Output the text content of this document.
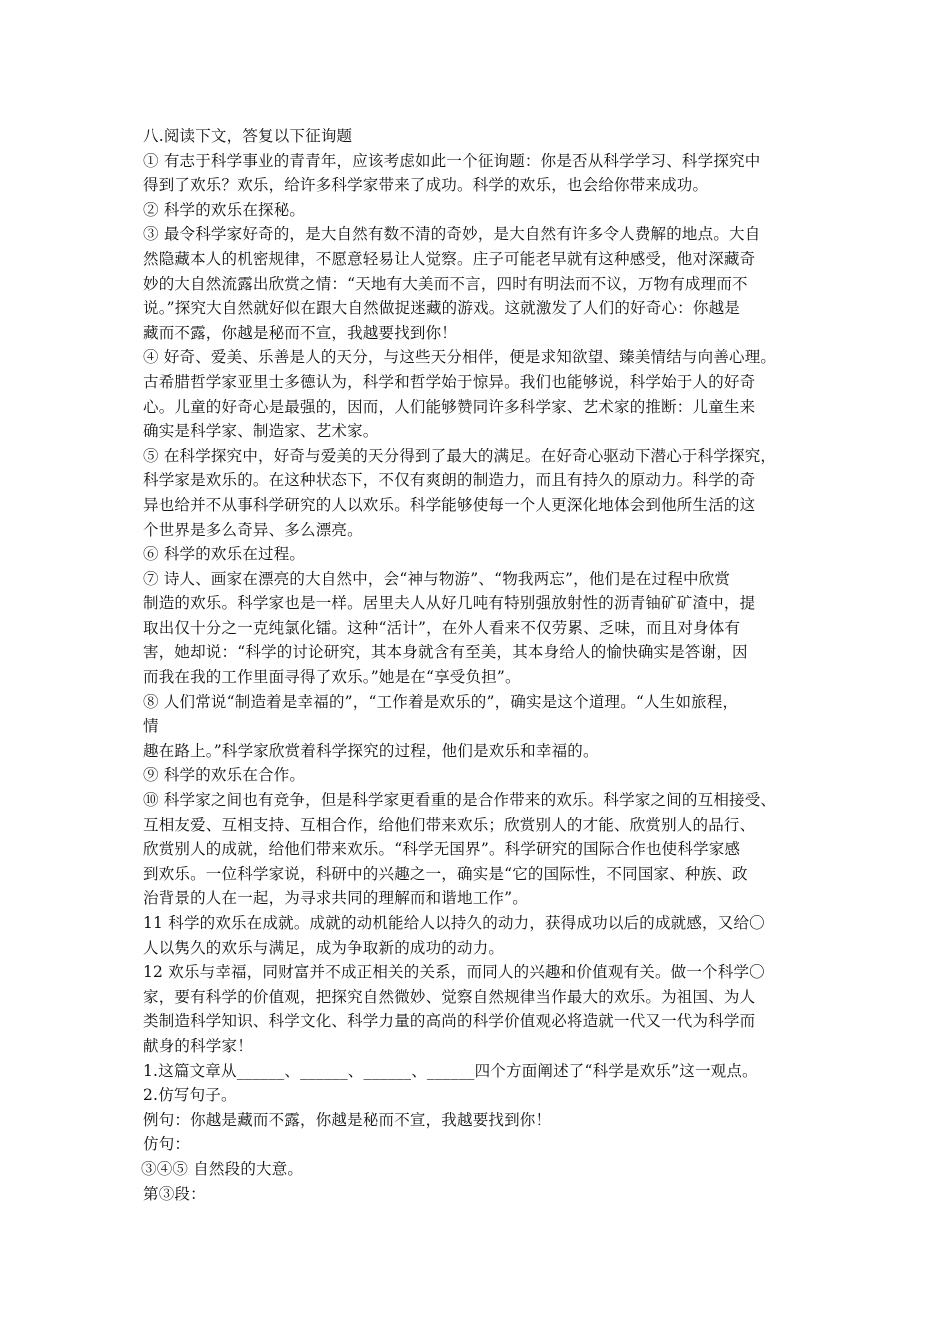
八.阅读下文，答复以下征询题
① 有志于科学事业的青青年，应该考虑如此一个征询题：你是否从科学学习、科学探究中
得到了欢乐？欢乐，给许多科学家带来了成功。科学的欢乐，也会给你带来成功。
② 科学的欢乐在探秘。
③ 最令科学家好奇的，是大自然有数不清的奇妙，是大自然有许多令人费解的地点。大自
然隐藏本人的机密规律，不愿意轻易让人觉察。庄子可能老早就有这种感受，他对深藏奇
妙的大自然流露出欣赏之情：“天地有大美而不言，四时有明法而不议，万物有成理而不
说。”探究大自然就好似在跟大自然做捉迷藏的游戏。这就激发了人们的好奇心：你越是
藏而不露，你越是秘而不宣，我越要找到你！
④ 好奇、爱美、乐善是人的天分，与这些天分相伴，便是求知欲望、臻美情结与向善心理。
古希腊哲学家亚里士多德认为，科学和哲学始于惊异。我们也能够说，科学始于人的好奇
心。儿童的好奇心是最强的，因而，人们能够赞同许多科学家、艺术家的推断：儿童生来
确实是科学家、制造家、艺术家。
⑤ 在科学探究中，好奇与爱美的天分得到了最大的满足。在好奇心驱动下潜心于科学探究，
科学家是欢乐的。在这种状态下，不仅有爽朗的制造力，而且有持久的原动力。科学的奇
异也给并不从事科学研究的人以欢乐。科学能够使每一个人更深化地体会到他所生活的这
个世界是多么奇异、多么漂亮。
⑥ 科学的欢乐在过程。
⑦ 诗人、画家在漂亮的大自然中，会“神与物游”、“物我两忘”，他们是在过程中欣赏
制造的欢乐。科学家也是一样。居里夫人从好几吨有特别强放射性的沥青铀矿矿渣中，提
取出仅十分之一克纯氯化镭。这种“活计”，在外人看来不仅劳累、乏味，而且对身体有
害，她却说：“科学的讨论研究，其本身就含有至美，其本身给人的愉快确实是答谢，因
而我在我的工作里面寻得了欢乐。”她是在“享受负担”。
⑧ 人们常说“制造着是幸福的”，“工作着是欢乐的”，确实是这个道理。“人生如旅程，
情
趣在路上。”科学家欣赏着科学探究的过程，他们是欢乐和幸福的。
⑨ 科学的欢乐在合作。
⑩ 科学家之间也有竞争，但是科学家更看重的是合作带来的欢乐。科学家之间的互相接受、
互相友爱、互相支持、互相合作，给他们带来欢乐；欣赏别人的才能、欣赏别人的品行、
欣赏别人的成就，给他们带来欢乐。“科学无国界”。科学研究的国际合作也使科学家感
到欢乐。一位科学家说，科研中的兴趣之一，确实是“它的国际性，不同国家、种族、政
治背景的人在一起，为寻求共同的理解而和谐地工作”。
11 科学的欢乐在成就。成就的动机能给人以持久的动力，获得成功以后的成就感，又给〇
人以隽久的欢乐与满足，成为争取新的成功的动力。
12 欢乐与幸福，同财富并不成正相关的关系，而同人的兴趣和价值观有关。做一个科学〇
家，要有科学的价值观，把探究自然微妙、觉察自然规律当作最大的欢乐。为祖国、为人
类制造科学知识、科学文化、科学力量的高尚的科学价值观必将造就一代又一代为科学而
献身的科学家！
1.这篇文章从______、______、______、______四个方面阐述了“科学是欢乐”这一观点。
2.仿写句子。
例句：你越是藏而不露，你越是秘而不宣，我越要找到你！
仿句：
③④⑤ 自然段的大意。
第③段：
